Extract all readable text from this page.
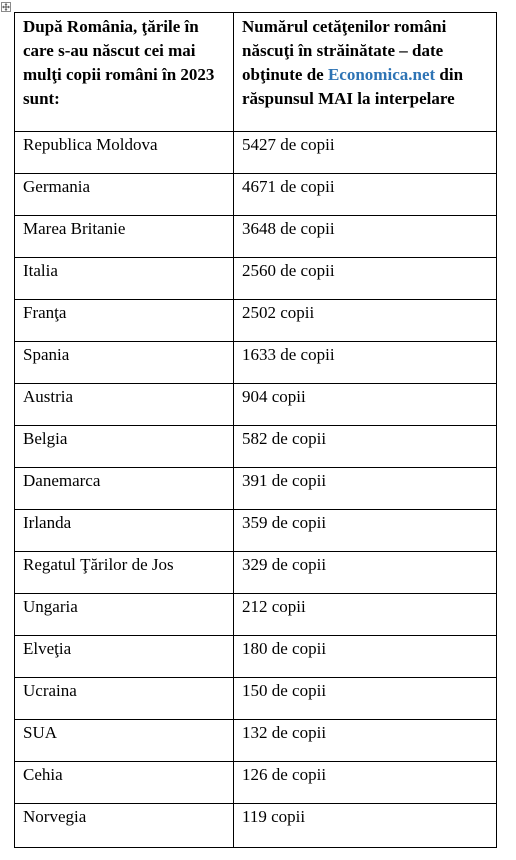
După România, ţările în care s-au născut cei mai mulţi copii români în 2023 sunt:	Numărul cetăţenilor români născuţi în străinătate – date obţinute de Economica.net din răspunsul MAI la interpelare

Republica Moldova	5427 de copii

Germania	4671 de copii

Marea Britanie	3648 de copii

Italia	2560 de copii

Franţa	2502 copii

Spania	1633 de copii

Austria	904 copii

Belgia	582 de copii

Danemarca	391 de copii

Irlanda	359 de copii

Regatul Ţărilor de Jos	329 de copii

Ungaria	212 copii

Elveţia	180 de copii

Ucraina	150 de copii

SUA	132 de copii

Cehia	126 de copii

Norvegia	119 copii
